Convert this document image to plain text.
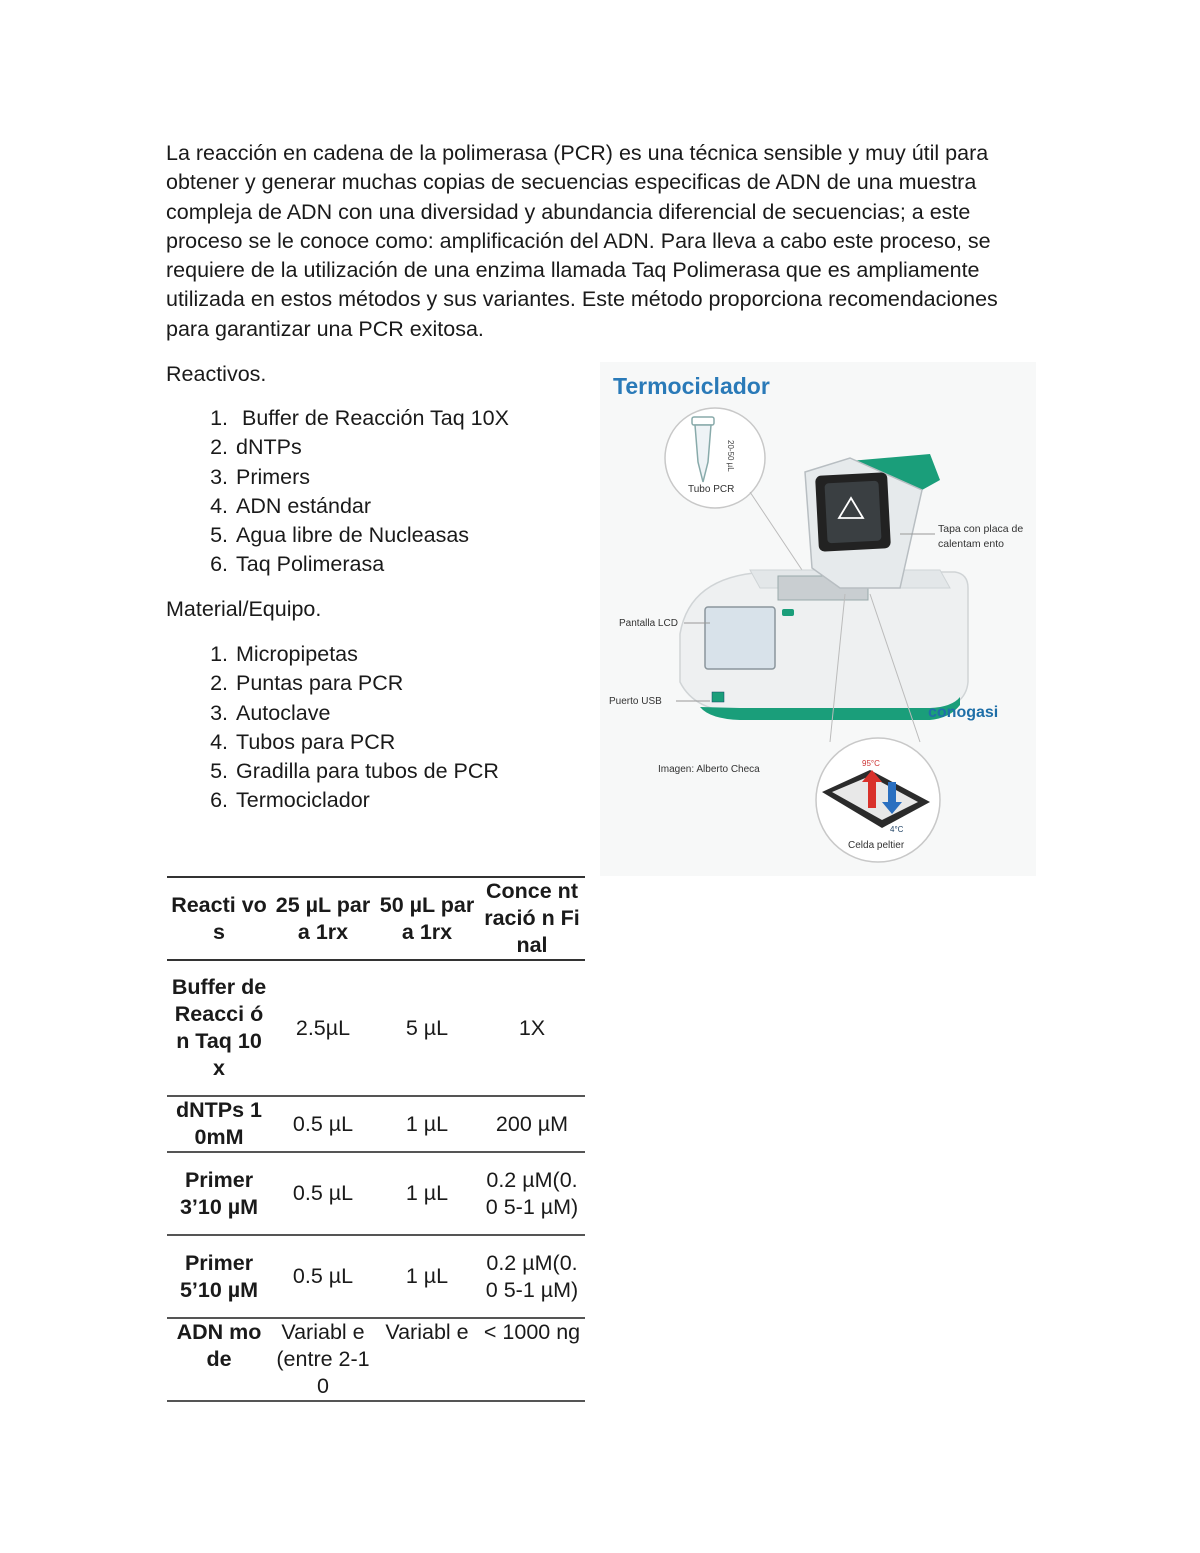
La reacción en cadena de la polimerasa (PCR) es una técnica sensible y muy útil para obtener y generar muchas copias de secuencias especificas de ADN de una muestra compleja de ADN con una diversidad y abundancia diferencial de secuencias; a este proceso se le conoce como: amplificación del ADN. Para lleva a cabo este proceso, se requiere de la utilización de una enzima llamada Taq Polimerasa que es ampliamente utilizada en estos métodos y sus variantes. Este método proporciona recomendaciones para garantizar una PCR exitosa.

Reactivos.

1. Buffer de Reacción Taq 10X
2. dNTPs
3. Primers
4. ADN estándar
5. Agua libre de Nucleasas
6. Taq Polimerasa

Material/Equipo.

1. Micropipetas
2. Puntas para PCR
3. Autoclave
4. Tubos para PCR
5. Gradilla para tubos de PCR
6. Termociclador
Termociclador
20-50 µL
Tubo PCR
Tapa con placa de
calentam ento
Pantalla LCD
Puerto USB
conogasi
Imagen: Alberto Checa
95°C
4°C
Celda peltier
Reacti vos	25 µL para 1rx	50 µL para 1rx	Conce ntració n Final

Buffer de Reacci ón Taq 10x	2.5µL	5 µL	1X

dNTPs 10mM	0.5 µL	1 µL	200 µM

Primer 3’10 µM	0.5 µL	1 µL	0.2 µM(0.0 5-1 µM)

Primer 5’10 µM	0.5 µL	1 µL	0.2 µM(0.0 5-1 µM)

ADN mode	Variabl e (entre 2-10	Variabl e	< 1000 ng
